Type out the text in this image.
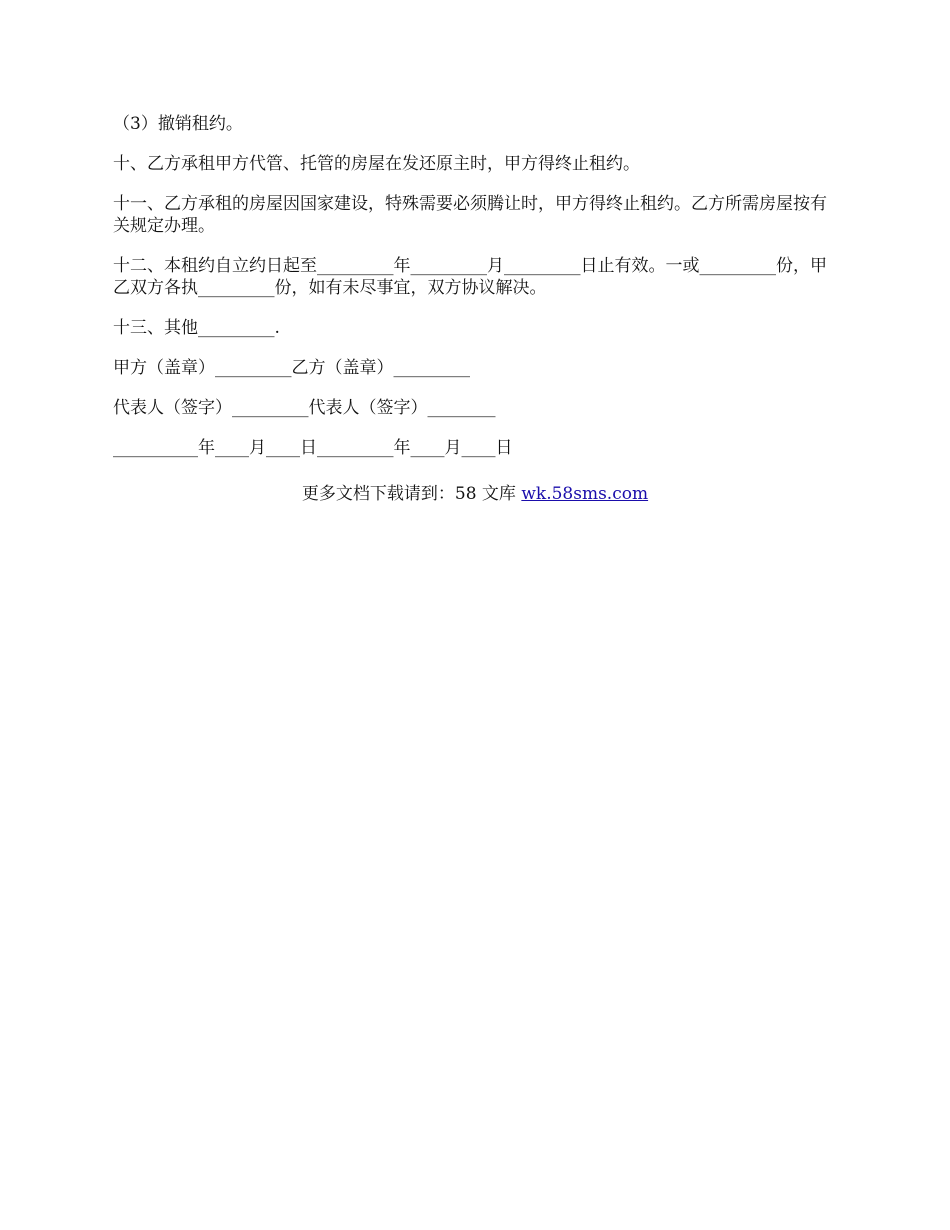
（3）撤销租约。

十、乙方承租甲方代管、托管的房屋在发还原主时，甲方得终止租约。

十一、乙方承租的房屋因国家建设，特殊需要必须腾让时，甲方得终止租约。乙方所需房屋按有关规定办理。

十二、本租约自立约日起至_________年_________月_________日止有效。一或_________份，甲乙双方各执_________份，如有未尽事宜，双方协议解决。

十三、其他_________.

甲方（盖章）_________乙方（盖章）_________

代表人（签字）_________代表人（签字）________

__________年____月____日_________年____月____日

更多文档下载请到：58 文库 wk.58sms.com
